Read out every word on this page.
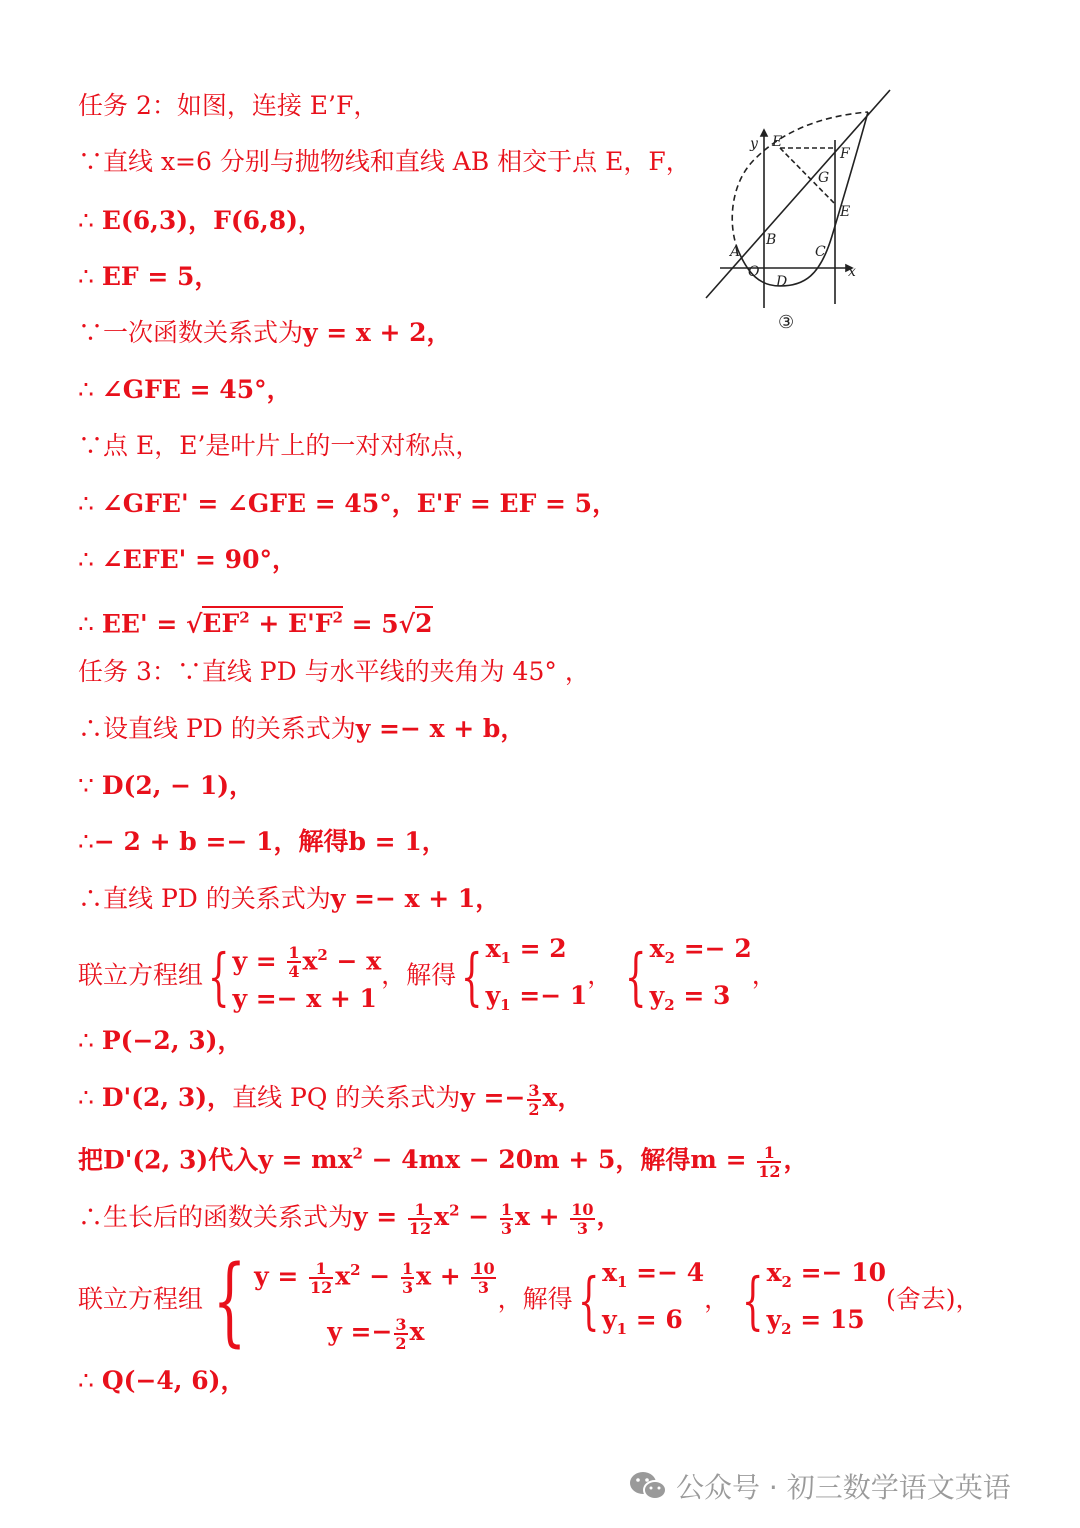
y E′
F
G
E
A
B
C
O
D
x
③
任务 2：如图，连接 E’F，
∵直线 x=6 分别与抛物线和直线 AB 相交于点 E，F，
∴ E(6,3)，F(6,8)，
∴ EF = 5，
∵一次函数关系式为y = x + 2，
∴ ∠GFE = 45°，
∵点 E，E’是叶片上的一对对称点，
∴ ∠GFE' = ∠GFE = 45°，E'F = EF = 5，
∴ ∠EFE' = 90°，
∴ $EE' = √EF^2 + E'F^2 = 5√2$
任务 3：∵直线 PD 与水平线的夹角为 45° ，
∴设直线 PD 的关系式为y =− x + b，
∵ D(2, − 1)，
∴− 2 + b =− 1，解得b = 1，
∴直线 PD 的关系式为y =− x + 1，
联立方程组{ $y = \frac{1}{4} x^2 - x$
y =− x + 1
，解得{ $x_1 = 2$
$y_1 =- 1$
， { $x_2 =- 2$
$y_2 = 3$
，
∴ P(−2, 3)，
∴ D'(2, 3)，直线 PQ 的关系式为$y =- \frac{3}{2}$ x，
把D'(2, 3)代入$y = mx^2 - 4mx - 20m + 5$，解得$m = \frac{1}{12}$ ，
∴生长后的函数关系式为$y = \frac{1}{12} x^2 - \frac{1}{3}$ $x + \frac{10}{3}$ ，
联立方程组 { $y = \frac{1}{12} x^2 - \frac{1}{3}$ $x + \frac{10}{3}$
$y =- \frac{3}{2}$ x
，解得{ $x_1 =- 4$
$y_1 = 6$
， { $x_2 =- 10$
$y_2 = 15$
(舍去)，
∴ Q(−4, 6)，
公众号 · 初三数学语文英语
